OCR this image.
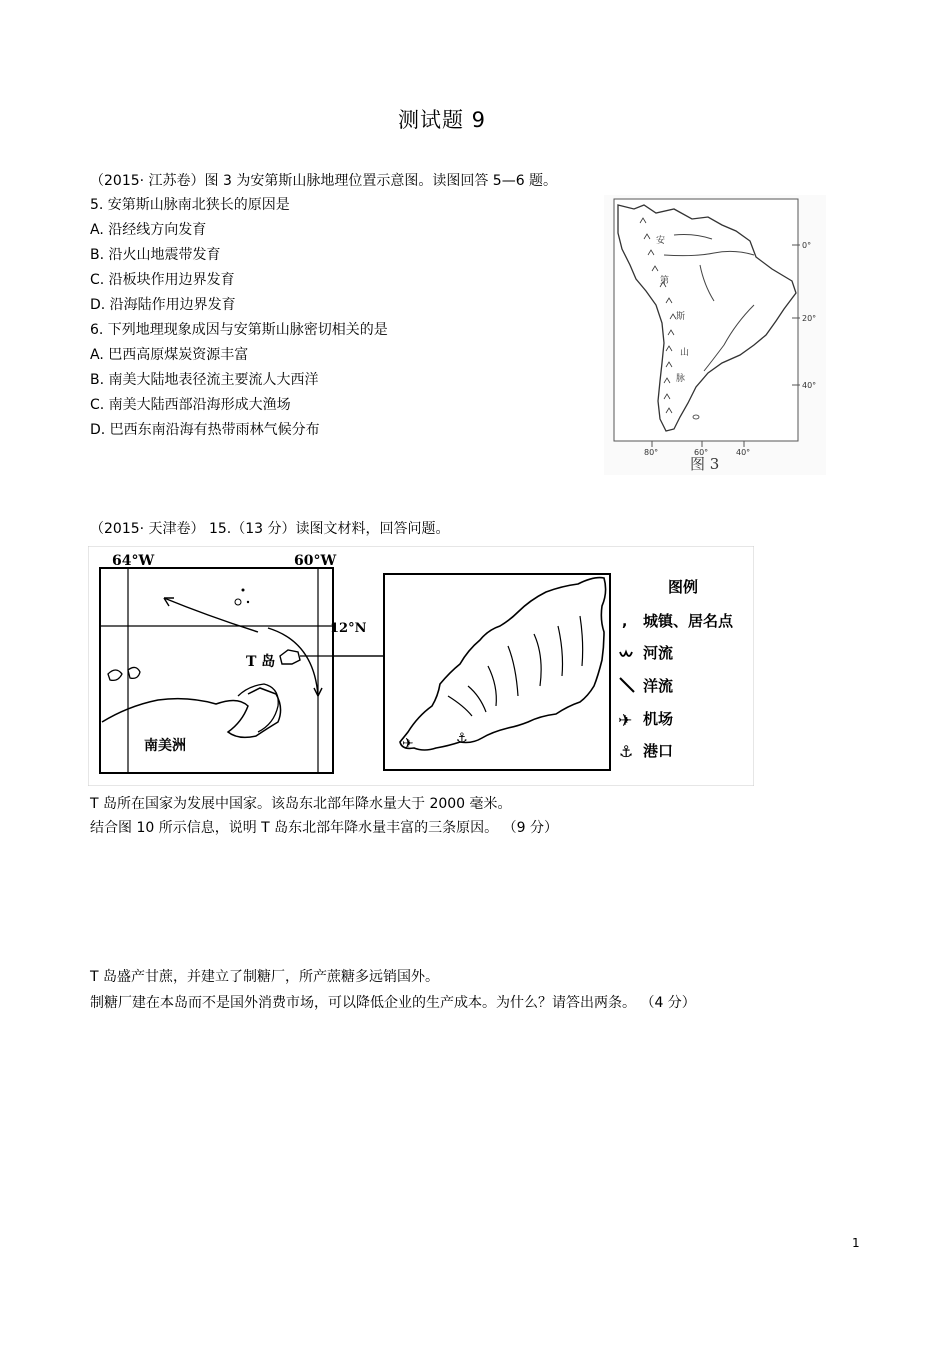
测试题 9
（2015· 江苏卷）图 3 为安第斯山脉地理位置示意图。读图回答 5—6 题。
5. 安第斯山脉南北狭长的原因是
A. 沿经线方向发育
B. 沿火山地震带发育
C. 沿板块作用边界发育
D. 沿海陆作用边界发育
6. 下列地理现象成因与安第斯山脉密切相关的是
A. 巴西高原煤炭资源丰富
B. 南美大陆地表径流主要流人大西洋
C. 南美大陆西部沿海形成大渔场
D. 巴西东南沿海有热带雨林气候分布
0°
20°
40°
80°	60°	40°
安
第
斯
山
脉
图 3
（2015· 天津卷） 15.（13 分）读图文材料，回答问题。
64°W	60°W
12°N
T 岛
南美洲	✈	⚓
图例
, 城镇、居名点
河流
洋流
✈ 机场
⚓ 港口
T 岛所在国家为发展中国家。该岛东北部年降水量大于 2000 毫米。
结合图 10 所示信息，说明 T 岛东北部年降水量丰富的三条原因。 （9 分）
T 岛盛产甘蔗，并建立了制糖厂，所产蔗糖多远销国外。
制糖厂建在本岛而不是国外消费市场，可以降低企业的生产成本。为什么？请答出两条。 （4 分）
1
